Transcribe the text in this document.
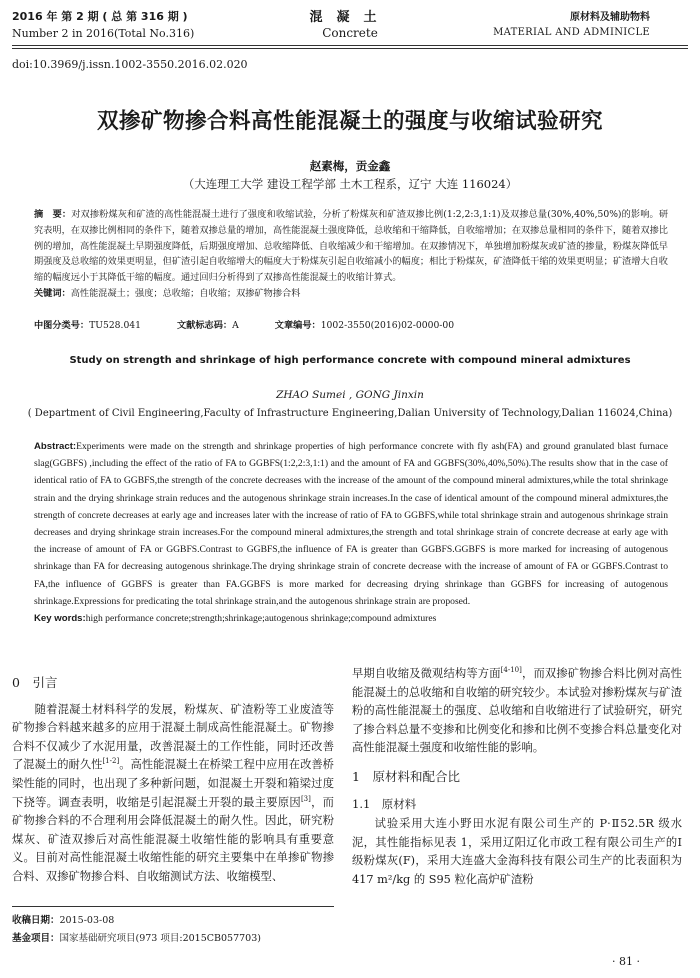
2016 年 第 2 期 ( 总 第 316 期 )
Number 2 in 2016(Total No.316)
混凝土
Concrete
原材料及辅助物料
MATERIAL AND ADMINICLE
doi:10.3969/j.issn.1002-3550.2016.02.020
双掺矿物掺合料高性能混凝土的强度与收缩试验研究
赵素梅，贡金鑫
（大连理工大学 建设工程学部 土木工程系，辽宁 大连 116024）
摘　要：对双掺粉煤灰和矿渣的高性能混凝土进行了强度和收缩试验，分析了粉煤灰和矿渣双掺比例(1:2,2:3,1:1)及双掺总量(30%,40%,50%)的影响。研究表明，在双掺比例相同的条件下，随着双掺总量的增加，高性能混凝土强度降低，总收缩和干缩降低，自收缩增加；在双掺总量相同的条件下，随着双掺比例的增加，高性能混凝土早期强度降低，后期强度增加、总收缩降低、自收缩减少和干缩增加。在双掺情况下，单独增加粉煤灰或矿渣的掺量，粉煤灰降低早期强度及总收缩的效果更明显，但矿渣引起自收缩增大的幅度大于粉煤灰引起自收缩减小的幅度；相比于粉煤灰，矿渣降低干缩的效果更明显；矿渣增大自收缩的幅度远小于其降低干缩的幅度。通过回归分析得到了双掺高性能混凝土的收缩计算式。
关键词：高性能混凝土；强度；总收缩；自收缩；双掺矿物掺合料
中图分类号：TU528.041	文献标志码：A	文章编号：1002-3550(2016)02-0000-00
Study on strength and shrinkage of high performance concrete with compound mineral admixtures
ZHAO Sumei , GONG Jinxin
( Department of Civil Engineering,Faculty of Infrastructure Engineering,Dalian University of Technology,Dalian 116024,China)
Abstract:Experiments were made on the strength and shrinkage properties of high performance concrete with fly ash(FA) and ground granulated blast furnace slag(GGBFS) ,including the effect of the ratio of FA to GGBFS(1:2,2:3,1:1) and the amount of FA and GGBFS(30%,40%,50%).The results show that in the case of identical ratio of FA to GGBFS,the strength of the concrete decreases with the increase of the amount of the compound mineral admixtures,while the total shrinkage strain and the drying shrinkage strain reduces and the autogenous shrinkage strain increases.In the case of identical amount of the compound mineral admixtures,the strength of concrete decreases at early age and increases later with the increase of ratio of FA to GGBFS,while total shrinkage strain and autogenous shrinkage strain decreases and drying shrinkage strain increases.For the compound mineral admixtures,the strength and total shrinkage strain of concrete decrease at early age with the increase of amount of FA or GGBFS.Contrast to GGBFS,the influence of FA is greater than GGBFS.GGBFS is more marked for increasing of autogenous shrinkage than FA for decreasing autogenous shrinkage.The drying shrinkage strain of concrete decrease with the increase of amount of FA or GGBFS.Contrast to FA,the influence of GGBFS is greater than FA.GGBFS is more marked for decreasing drying shrinkage than GGBFS for increasing of autogenous shrinkage.Expressions for predicating the total shrinkage strain,and the autogenous shrinkage strain are proposed.
Key words:high performance concrete;strength;shrinkage;autogenous shrinkage;compound admixtures
0　引言

随着混凝土材料科学的发展，粉煤灰、矿渣粉等工业废渣等矿物掺合料越来越多的应用于混凝土制成高性能混凝土。矿物掺合料不仅减少了水泥用量，改善混凝土的工作性能，同时还改善了混凝土的耐久性[1-2]。高性能混凝土在桥梁工程中应用在改善桥梁性能的同时，也出现了多种新问题，如混凝土开裂和箱梁过度下挠等。调查表明，收缩是引起混凝土开裂的最主要原因[3]，而矿物掺合料的不合理利用会降低混凝土的耐久性。因此，研究粉煤灰、矿渣双掺后对高性能混凝土收缩性能的影响具有重要意义。目前对高性能混凝土收缩性能的研究主要集中在单掺矿物掺合料、双掺矿物掺合料、自收缩测试方法、收缩模型、

早期自收缩及微观结构等方面[4-10]，而双掺矿物掺合料比例对高性能混凝土的总收缩和自收缩的研究较少。本试验对掺粉煤灰与矿渣粉的高性能混凝土的强度、总收缩和自收缩进行了试验研究，研究了掺合料总量不变掺和比例变化和掺和比例不变掺合料总量变化对高性能混凝土强度和收缩性能的影响。

1　原材料和配合比
1.1　原材料

试验采用大连小野田水泥有限公司生产的 P·Ⅱ52.5R 级水泥，其性能指标见表 1，采用辽阳辽化市政工程有限公司生产的Ⅰ级粉煤灰(F)，采用大连盛大金海科技有限公司生产的比表面积为 417 m²/kg 的 S95 粒化高炉矿渣粉

收稿日期：2015-03-08
基金项目：国家基础研究项目(973 项目:2015CB057703)
· 81 ·
